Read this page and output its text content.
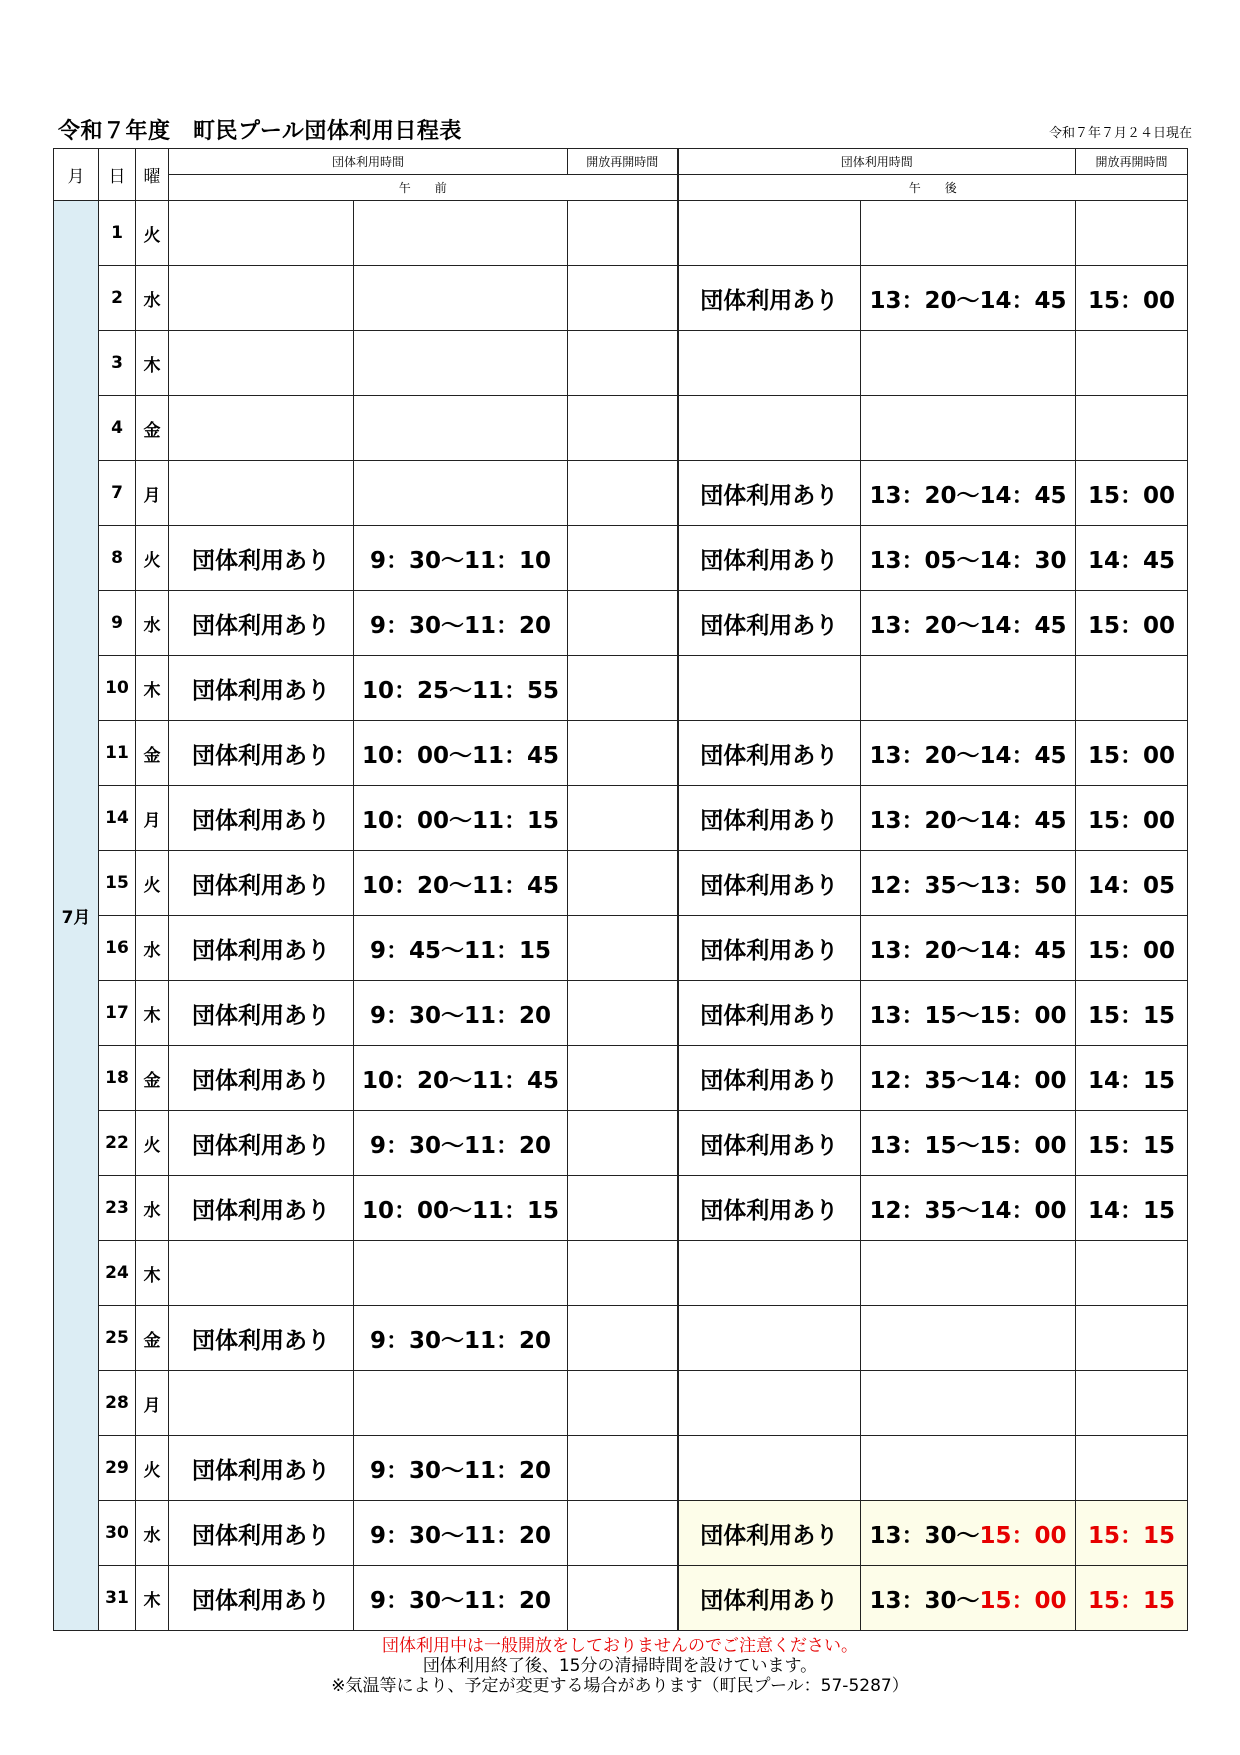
令和７年度　町民プール団体利用日程表	令和７年７月２４日現在
月	日	曜	団体利用時間		開放再開時間	団体利用時間		開放再開時間
			午　　前			午　　後		
7月	1	火						
	2	水				団体利用あり	13：20～14：45	15：00
	3	木						
	4	金						
	7	月				団体利用あり	13：20～14：45	15：00
	8	火	団体利用あり	9：30～11：10		団体利用あり	13：05～14：30	14：45
	9	水	団体利用あり	9：30～11：20		団体利用あり	13：20～14：45	15：00
	10	木	団体利用あり	10：25～11：55				
	11	金	団体利用あり	10：00～11：45		団体利用あり	13：20～14：45	15：00
	14	月	団体利用あり	10：00～11：15		団体利用あり	13：20～14：45	15：00
	15	火	団体利用あり	10：20～11：45		団体利用あり	12：35～13：50	14：05
	16	水	団体利用あり	9：45～11：15		団体利用あり	13：20～14：45	15：00
	17	木	団体利用あり	9：30～11：20		団体利用あり	13：15～15：00	15：15
	18	金	団体利用あり	10：20～11：45		団体利用あり	12：35～14：00	14：15
	22	火	団体利用あり	9：30～11：20		団体利用あり	13：15～15：00	15：15
	23	水	団体利用あり	10：00～11：15		団体利用あり	12：35～14：00	14：15
	24	木						
	25	金	団体利用あり	9：30～11：20				
	28	月						
	29	火	団体利用あり	9：30～11：20				
	30	水	団体利用あり	9：30～11：20		団体利用あり	13：30～15：00	15：15
	31	木	団体利用あり	9：30～11：20		団体利用あり	13：30～15：00	15：15
団体利用中は一般開放をしておりませんのでご注意ください。
団体利用終了後、15分の清掃時間を設けています。
※気温等により、予定が変更する場合があります（町民プール：57-5287）
